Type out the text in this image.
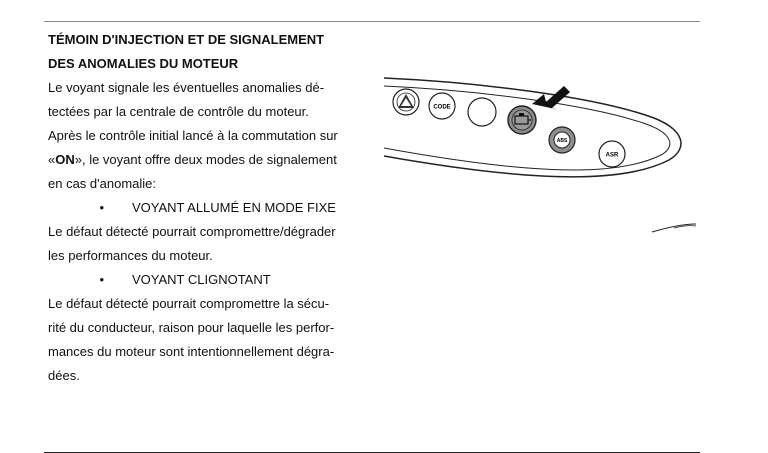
TÉMOIN D'INJECTION ET DE SIGNALEMENT

DES ANOMALIES DU MOTEUR

Le voyant signale les éventuelles anomalies dé-

tectées par la centrale de contrôle du moteur.

Après le contrôle initial lancé à la commutation sur

«ON», le voyant offre deux modes de signalement

en cas d'anomalie:

•	VOYANT ALLUMÉ EN MODE FIXE

Le défaut détecté pourrait compromettre/dégrader

les performances du moteur.

•	VOYANT CLIGNOTANT

Le défaut détecté pourrait compromettre la sécu-

rité du conducteur, raison pour laquelle les perfor-

mances du moteur sont intentionnellement dégra-

dées.

CODE
ABS
ASR
